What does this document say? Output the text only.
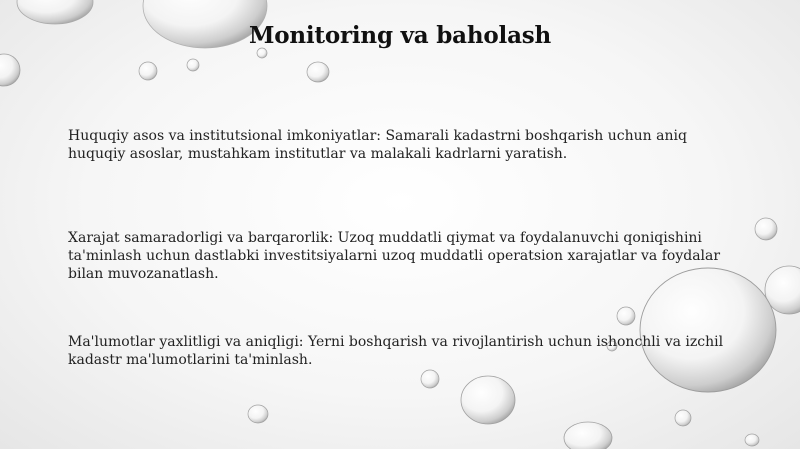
Monitoring va baholash

Huquqiy asos va institutsional imkoniyatlar: Samarali kadastrni boshqarish uchun aniq huquqiy asoslar, mustahkam institutlar va malakali kadrlarni yaratish.

Xarajat samaradorligi va barqarorlik: Uzoq muddatli qiymat va foydalanuvchi qoniqishini ta'minlash uchun dastlabki investitsiyalarni uzoq muddatli operatsion xarajatlar va foydalar bilan muvozanatlash.

Ma'lumotlar yaxlitligi va aniqligi: Yerni boshqarish va rivojlantirish uchun ishonchli va izchil kadastr ma'lumotlarini ta'minlash.
